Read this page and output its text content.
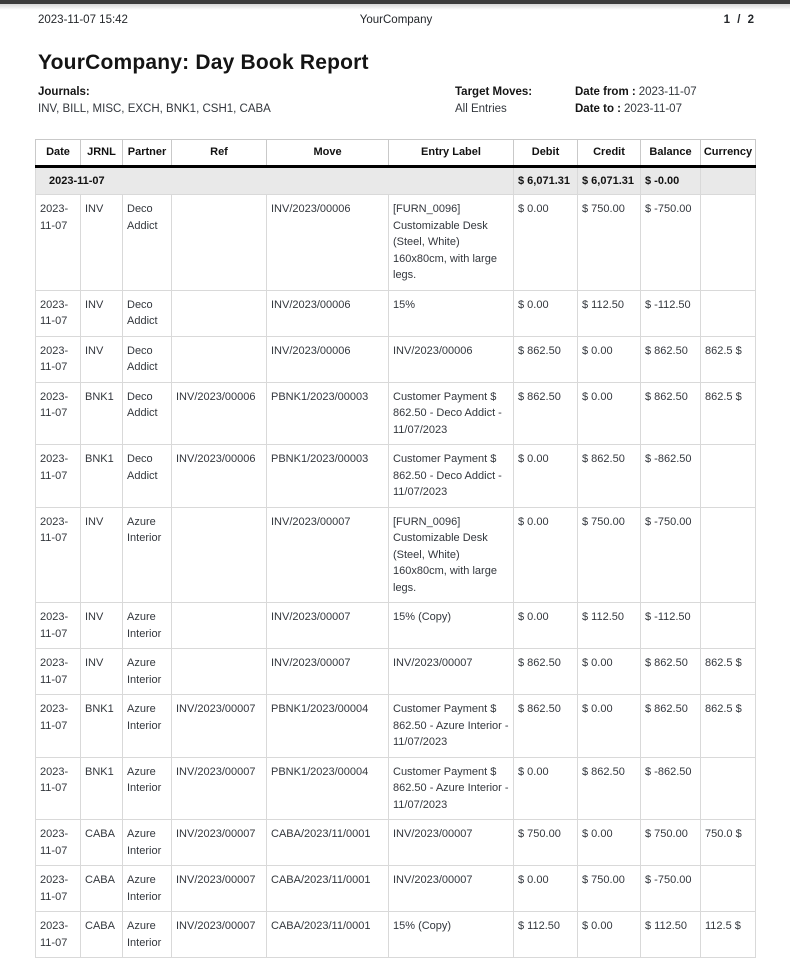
2023-11-07 15:42	YourCompany	1 / 2
YourCompany: Day Book Report
Journals:
INV, BILL, MISC, EXCH, BNK1, CSH1, CABA
Target Moves:
All Entries
Date from : 2023-11-07
Date to : 2023-11-07
Date	JRNL	Partner	Ref	Move	Entry Label	Debit	Credit	Balance	Currency
2023-11-07						$ 6,071.31	$ 6,071.31	$ -0.00	
2023-11-07	INV	Deco Addict		INV/2023/00006	[FURN_0096] Customizable Desk (Steel, White) 160x80cm, with large legs.	$ 0.00	$ 750.00	$ -750.00	
2023-11-07	INV	Deco Addict		INV/2023/00006	15%	$ 0.00	$ 112.50	$ -112.50	
2023-11-07	INV	Deco Addict		INV/2023/00006	INV/2023/00006	$ 862.50	$ 0.00	$ 862.50	862.5 $
2023-11-07	BNK1	Deco Addict	INV/2023/00006	PBNK1/2023/00003	Customer Payment $ 862.50 - Deco Addict - 11/07/2023	$ 862.50	$ 0.00	$ 862.50	862.5 $
2023-11-07	BNK1	Deco Addict	INV/2023/00006	PBNK1/2023/00003	Customer Payment $ 862.50 - Deco Addict - 11/07/2023	$ 0.00	$ 862.50	$ -862.50	
2023-11-07	INV	Azure Interior		INV/2023/00007	[FURN_0096] Customizable Desk (Steel, White) 160x80cm, with large legs.	$ 0.00	$ 750.00	$ -750.00	
2023-11-07	INV	Azure Interior		INV/2023/00007	15% (Copy)	$ 0.00	$ 112.50	$ -112.50	
2023-11-07	INV	Azure Interior		INV/2023/00007	INV/2023/00007	$ 862.50	$ 0.00	$ 862.50	862.5 $
2023-11-07	BNK1	Azure Interior	INV/2023/00007	PBNK1/2023/00004	Customer Payment $ 862.50 - Azure Interior - 11/07/2023	$ 862.50	$ 0.00	$ 862.50	862.5 $
2023-11-07	BNK1	Azure Interior	INV/2023/00007	PBNK1/2023/00004	Customer Payment $ 862.50 - Azure Interior - 11/07/2023	$ 0.00	$ 862.50	$ -862.50	
2023-11-07	CABA	Azure Interior	INV/2023/00007	CABA/2023/11/0001	INV/2023/00007	$ 750.00	$ 0.00	$ 750.00	750.0 $
2023-11-07	CABA	Azure Interior	INV/2023/00007	CABA/2023/11/0001	INV/2023/00007	$ 0.00	$ 750.00	$ -750.00	
2023-11-07	CABA	Azure Interior	INV/2023/00007	CABA/2023/11/0001	15% (Copy)	$ 112.50	$ 0.00	$ 112.50	112.5 $
